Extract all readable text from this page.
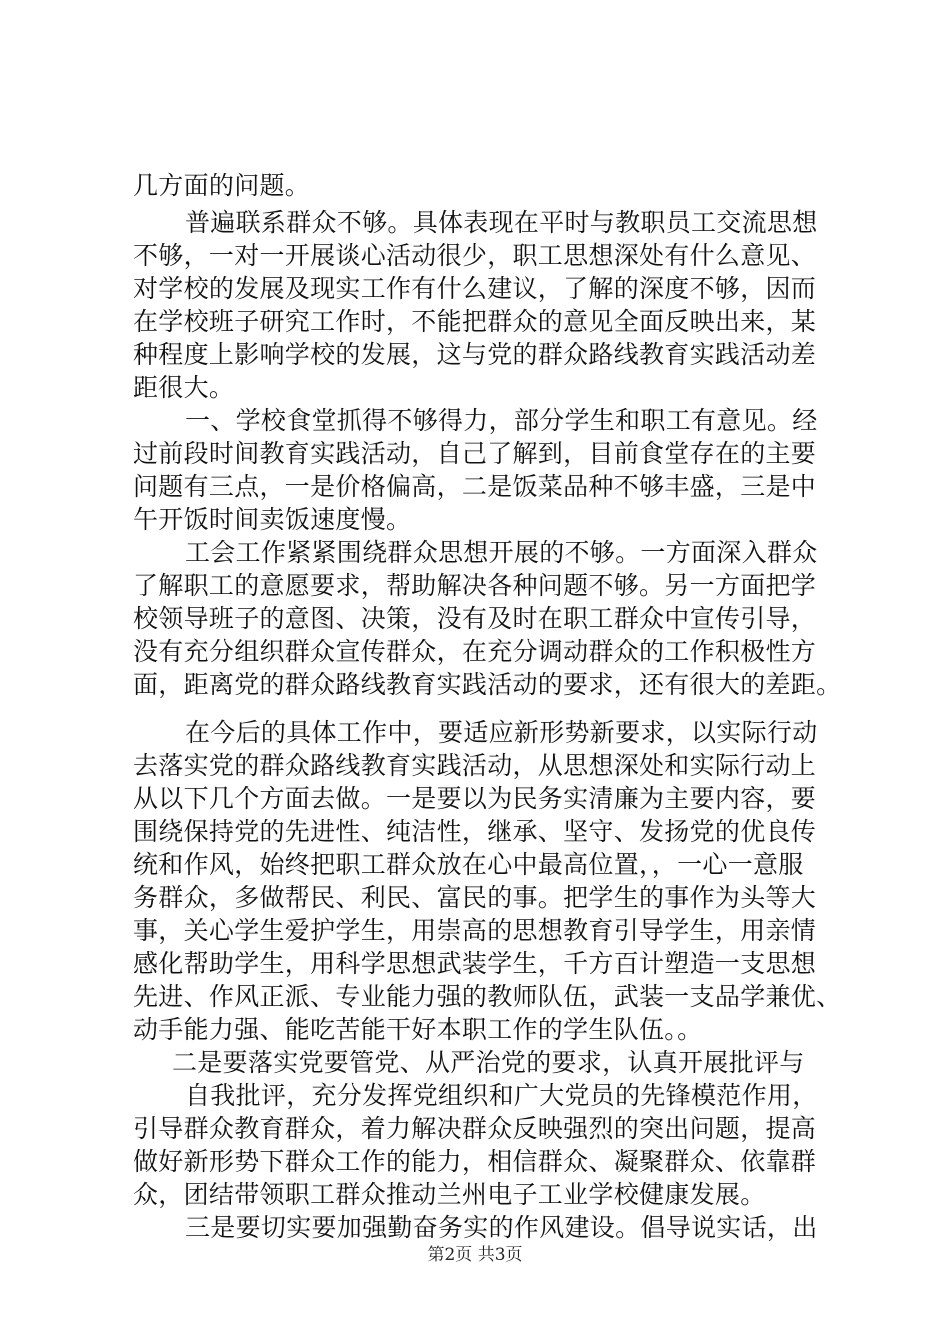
几方面的问题。
普遍联系群众不够。具体表现在平时与教职员工交流思想
不够，一对一开展谈心活动很少，职工思想深处有什么意见、
对学校的发展及现实工作有什么建议，了解的深度不够，因而
在学校班子研究工作时，不能把群众的意见全面反映出来，某
种程度上影响学校的发展，这与党的群众路线教育实践活动差
距很大。
一、学校食堂抓得不够得力，部分学生和职工有意见。经
过前段时间教育实践活动，自己了解到，目前食堂存在的主要
问题有三点，一是价格偏高，二是饭菜品种不够丰盛，三是中
午开饭时间卖饭速度慢。
工会工作紧紧围绕群众思想开展的不够。一方面深入群众
了解职工的意愿要求，帮助解决各种问题不够。另一方面把学
校领导班子的意图、决策，没有及时在职工群众中宣传引导，
没有充分组织群众宣传群众，在充分调动群众的工作积极性方
面，距离党的群众路线教育实践活动的要求，还有很大的差距。
在今后的具体工作中，要适应新形势新要求，以实际行动
去落实党的群众路线教育实践活动，从思想深处和实际行动上
从以下几个方面去做。一是要以为民务实清廉为主要内容，要
围绕保持党的先进性、纯洁性，继承、坚守、发扬党的优良传
统和作风，始终把职工群众放在心中最高位置，，一心一意服
务群众，多做帮民、利民、富民的事。把学生的事作为头等大
事，关心学生爱护学生，用崇高的思想教育引导学生，用亲情
感化帮助学生，用科学思想武装学生，千方百计塑造一支思想
先进、作风正派、专业能力强的教师队伍，武装一支品学兼优、
动手能力强、能吃苦能干好本职工作的学生队伍。。
二是要落实党要管党、从严治党的要求，认真开展批评与
自我批评，充分发挥党组织和广大党员的先锋模范作用，
引导群众教育群众，着力解决群众反映强烈的突出问题，提高
做好新形势下群众工作的能力，相信群众、凝聚群众、依靠群
众，团结带领职工群众推动兰州电子工业学校健康发展。
三是要切实要加强勤奋务实的作风建设。倡导说实话，出
第2页 共3页
